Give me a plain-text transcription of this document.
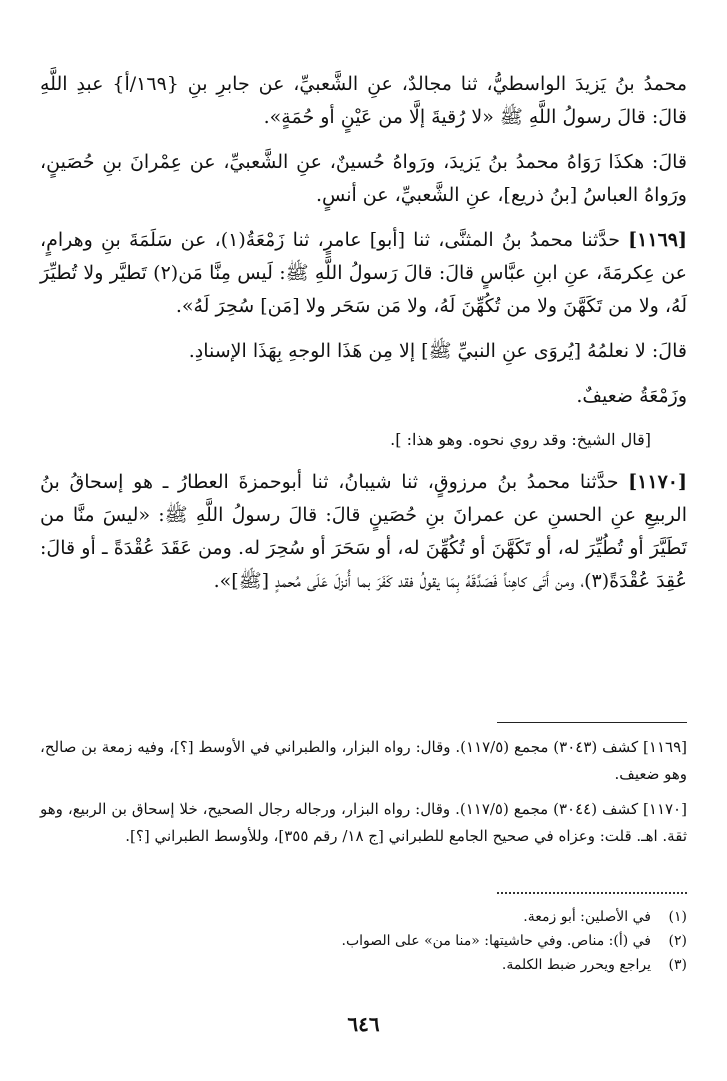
محمدُ بنُ يَزيدَ الواسطيُّ، ثنا مجالدٌ، عنِ الشَّعبيِّ، عن جابرِ بنِ {١٦٩/أ} عبدِ اللَّهِ قالَ: قالَ رسولُ اللَّهِ ﷺ «لا رُقيةَ إلَّا من عَيْنٍ أو حُمَةٍ».

قالَ: هكذَا رَوَاهُ محمدُ بنُ يَزيدَ، ورَواهُ حُسينٌ، عنِ الشَّعبيِّ، عن عِمْرانَ بنِ حُصَينٍ، ورَواهُ العباسُ [بنُ ذريع]، عنِ الشَّعبيِّ، عن أنسٍ.

[١١٦٩] حدَّثنا محمدُ بنُ المثنَّى، ثنا [أبو] عامرٍ، ثنا زَمْعَةُ(١)، عن سَلَمَةَ بنِ وهرامٍ، عن عِكرمَةَ، عنِ ابنِ عبَّاسٍ قالَ: قالَ رَسولُ اللَّهِ ﷺ: لَيس مِنَّا مَن(٢) تَطيَّر ولا تُطيِّرَ لَهُ، ولا من تَكَهَّنَ ولا من تُكُهِّنَ لَهُ، ولا مَن سَحَر ولا [مَن] سُحِرَ لَهُ».

قالَ: لا نعلمُهُ [يُروَى عنِ النبيِّ ﷺ] إلا مِن هَذَا الوجهِ بِهَذَا الإسنادِ.

وزَمْعَةُ ضعيفٌ.

[قال الشيخ: وقد روي نحوه. وهو هذا: ].

[١١٧٠] حدَّثنا محمدُ بنُ مرزوقٍ، ثنا شيبانُ، ثنا أبوحمزةَ العطارُ ـ هو إسحاقُ بنُ الربيعِ عنِ الحسنِ عن عمرانَ بنِ حُصَينٍ قالَ: قالَ رسولُ اللَّهِ ﷺ: «ليسَ منَّا من تَطَيَّرَ أو تُطُيِّرَ له، أو تَكَهَّنَ أو تُكُهِّنَ له، أو سَحَرَ أو سُحِرَ له. ومن عَقَدَ عُقْدَةً ـ أو قالَ: عُقِدَ عُقْدَةً(٣)، ومن أَتَى كاهِناً فَصَدَّقَهُ بِمَا يقولُ فقد كَفَرَ بما أُنزلَ عَلَى مُحمدٍ [ﷺ]».

[١١٦٩] كشف (٣٠٤٣) مجمع (١١٧/٥). وقال: رواه البزار، والطبراني في الأوسط [؟]، وفيه زمعة بن صالح، وهو ضعيف.

[١١٧٠] كشف (٣٠٤٤) مجمع (١١٧/٥). وقال: رواه البزار، ورجاله رجال الصحيح، خلا إسحاق بن الربيع، وهو ثقة. اهـ. قلت: وعزاه في صحيح الجامع للطبراني [ج ١٨/ رقم ٣٥٥]، وللأوسط الطبراني [؟].

(١)
في الأصلين: أبو زمعة.

(٢)
في (أ): مناص. وفي حاشيتها: «منا من» على الصواب.

(٣)
يراجع ويحرر ضبط الكلمة.

٦٤٦
